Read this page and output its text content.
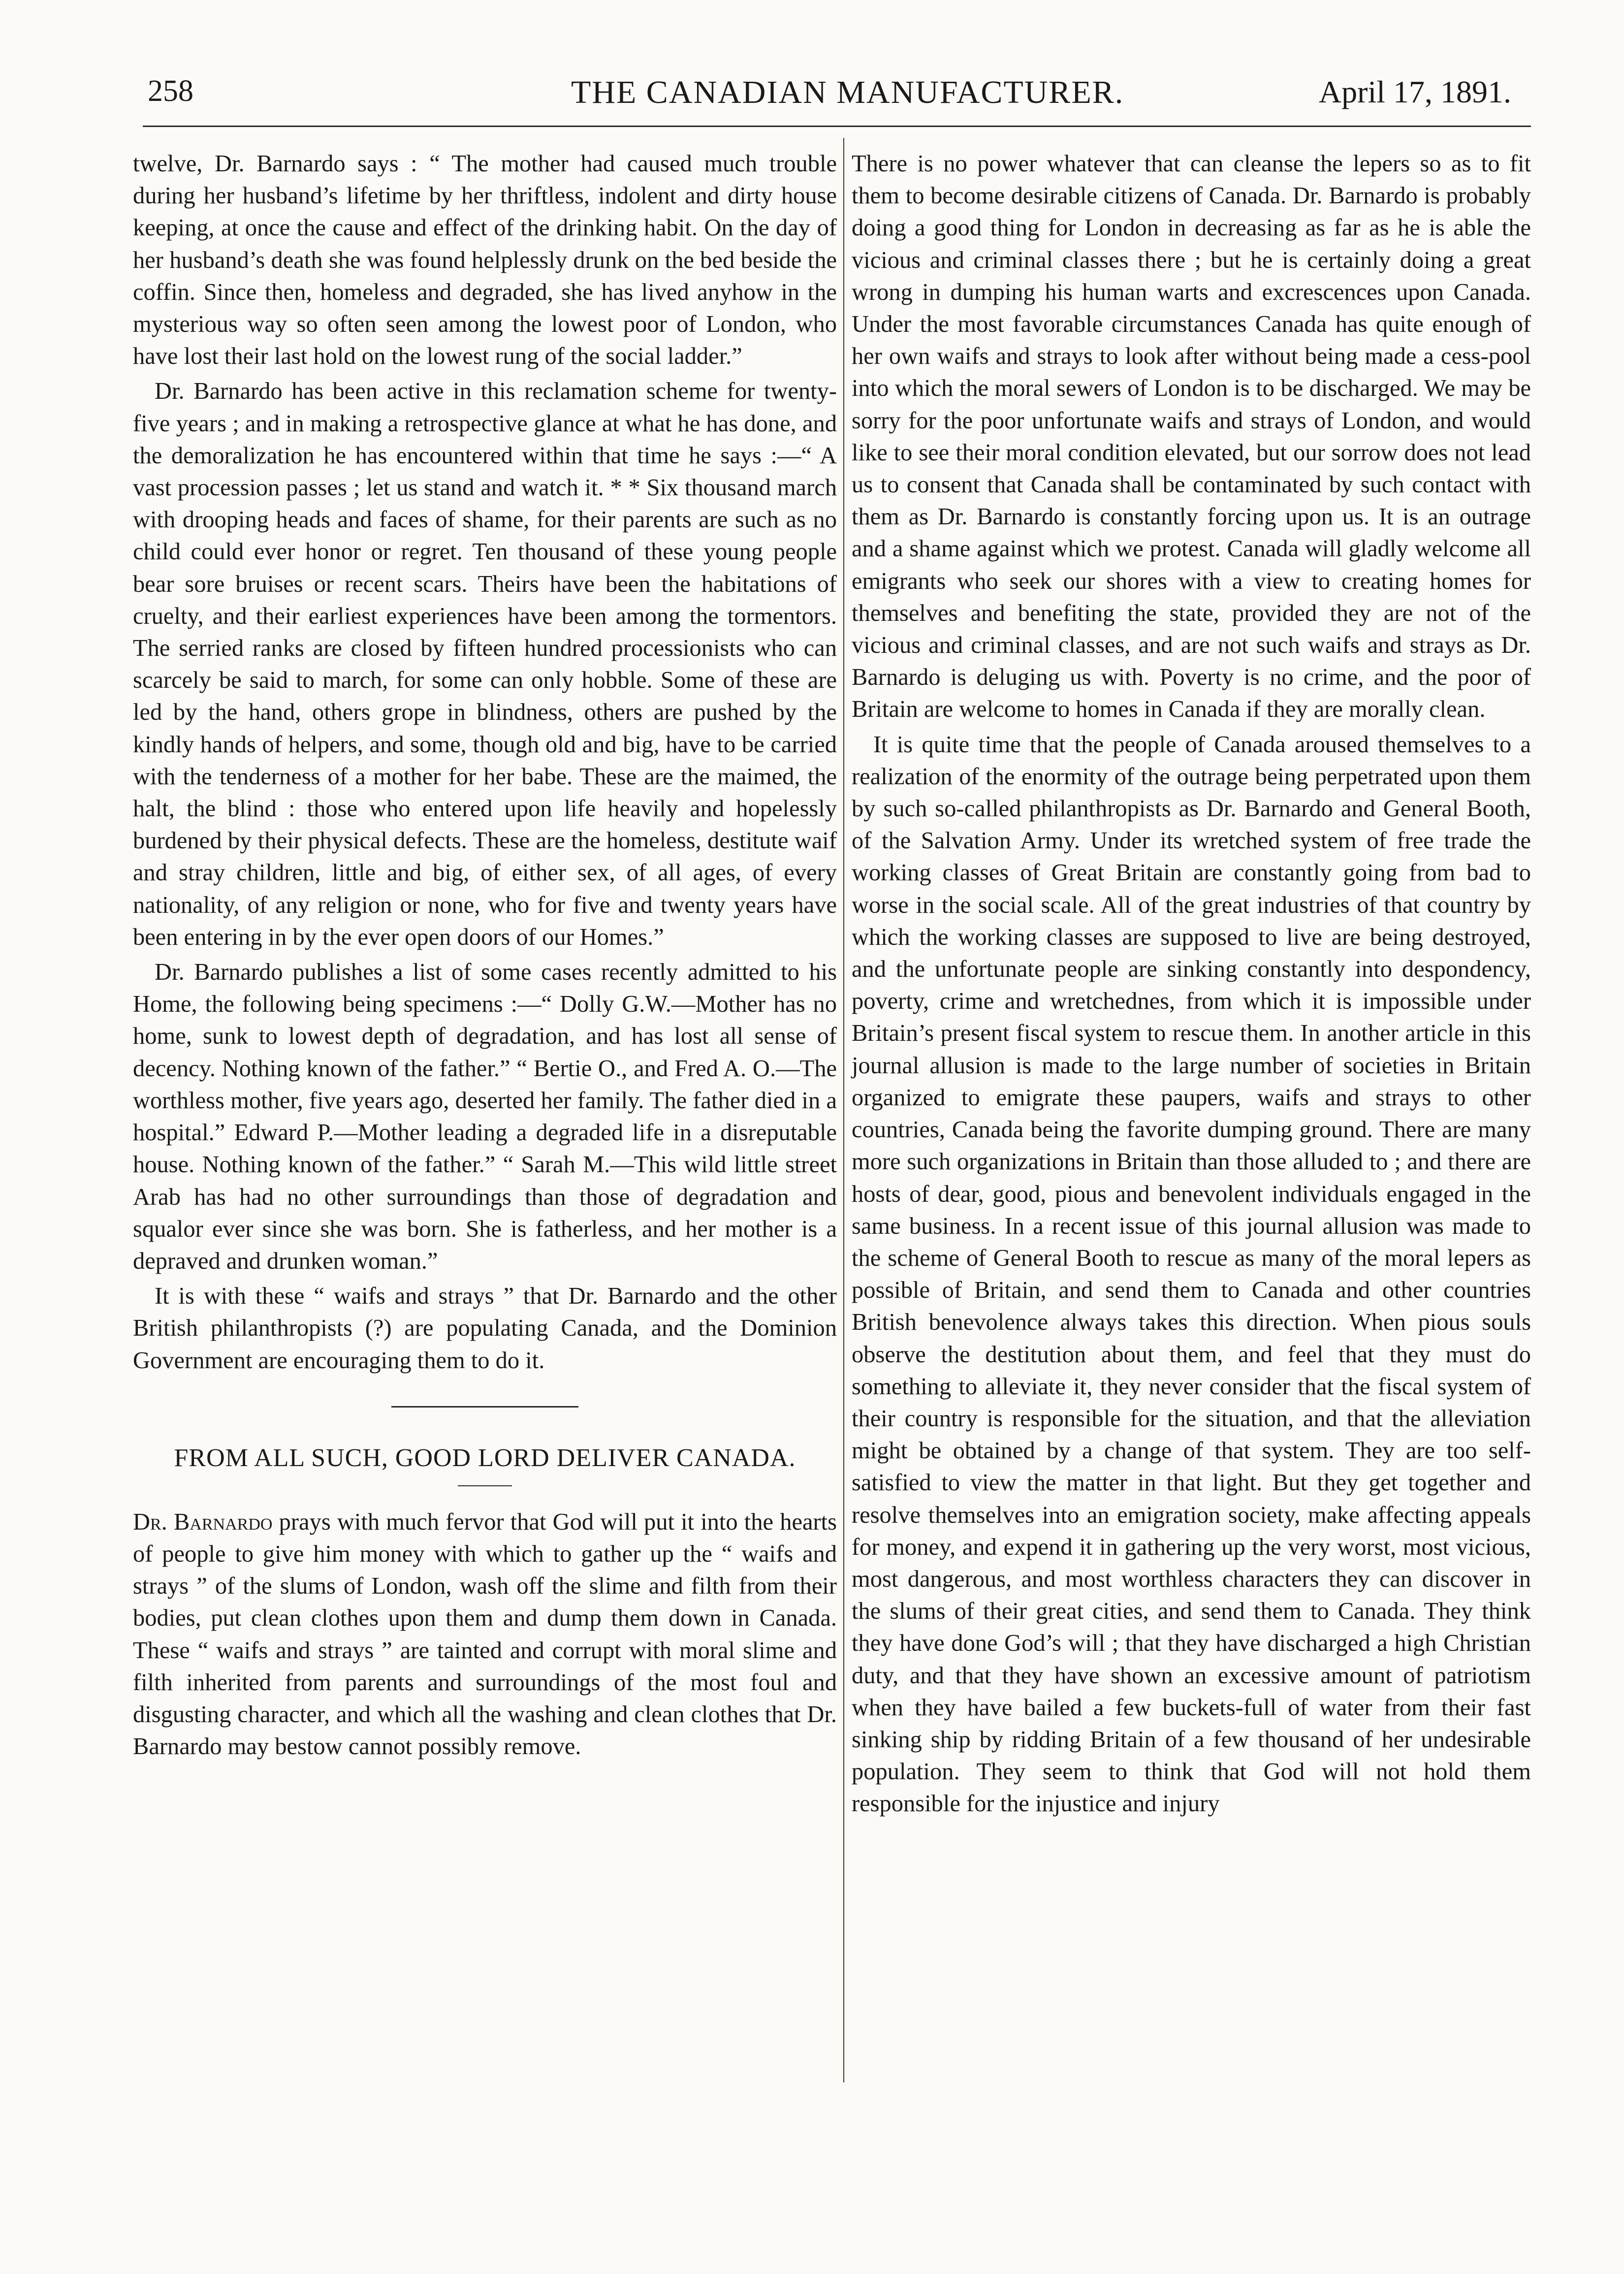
258	THE CANADIAN MANUFACTURER.	April 17, 1891.

twelve, Dr. Barnardo says : “ The mother had caused much trouble during her husband’s lifetime by her thriftless, indolent and dirty house keeping, at once the cause and effect of the drinking habit. On the day of her husband’s death she was found helplessly drunk on the bed beside the coffin. Since then, homeless and degraded, she has lived anyhow in the mysterious way so often seen among the lowest poor of London, who have lost their last hold on the lowest rung of the social ladder.”

Dr. Barnardo has been active in this reclamation scheme for twenty-five years ; and in making a retrospective glance at what he has done, and the demoralization he has encountered within that time he says :—“ A vast procession passes ; let us stand and watch it. * * Six thousand march with drooping heads and faces of shame, for their parents are such as no child could ever honor or regret. Ten thousand of these young people bear sore bruises or recent scars. Theirs have been the habitations of cruelty, and their earliest experiences have been among the tormentors. The serried ranks are closed by fifteen hundred processionists who can scarcely be said to march, for some can only hobble. Some of these are led by the hand, others grope in blindness, others are pushed by the kindly hands of helpers, and some, though old and big, have to be carried with the tenderness of a mother for her babe. These are the maimed, the halt, the blind : those who entered upon life heavily and hopelessly burdened by their physical defects. These are the homeless, destitute waif and stray children, little and big, of either sex, of all ages, of every nationality, of any religion or none, who for five and twenty years have been entering in by the ever open doors of our Homes.”

Dr. Barnardo publishes a list of some cases recently admitted to his Home, the following being specimens :—“ Dolly G.W.—Mother has no home, sunk to lowest depth of degradation, and has lost all sense of decency. Nothing known of the father.” “ Bertie O., and Fred A. O.—The worthless mother, five years ago, deserted her family. The father died in a hospital.” Edward P.—Mother leading a degraded life in a disreputable house. Nothing known of the father.” “ Sarah M.—This wild little street Arab has had no other surroundings than those of degradation and squalor ever since she was born. She is fatherless, and her mother is a depraved and drunken woman.”

It is with these “ waifs and strays ” that Dr. Barnardo and the other British philanthropists (?) are populating Canada, and the Dominion Government are encouraging them to do it.

FROM ALL SUCH, GOOD LORD DELIVER CANADA.

Dr. Barnardo prays with much fervor that God will put it into the hearts of people to give him money with which to gather up the “ waifs and strays ” of the slums of London, wash off the slime and filth from their bodies, put clean clothes upon them and dump them down in Canada. These “ waifs and strays ” are tainted and corrupt with moral slime and filth inherited from parents and surroundings of the most foul and disgusting character, and which all the washing and clean clothes that Dr. Barnardo may bestow cannot possibly remove.

There is no power whatever that can cleanse the lepers so as to fit them to become desirable citizens of Canada. Dr. Barnardo is probably doing a good thing for London in decreasing as far as he is able the vicious and criminal classes there ; but he is certainly doing a great wrong in dumping his human warts and excrescences upon Canada. Under the most favorable circumstances Canada has quite enough of her own waifs and strays to look after without being made a cess-pool into which the moral sewers of London is to be discharged. We may be sorry for the poor unfortunate waifs and strays of London, and would like to see their moral condition elevated, but our sorrow does not lead us to consent that Canada shall be contaminated by such contact with them as Dr. Barnardo is constantly forcing upon us. It is an outrage and a shame against which we protest. Canada will gladly welcome all emigrants who seek our shores with a view to creating homes for themselves and benefiting the state, provided they are not of the vicious and criminal classes, and are not such waifs and strays as Dr. Barnardo is deluging us with. Poverty is no crime, and the poor of Britain are welcome to homes in Canada if they are morally clean.

It is quite time that the people of Canada aroused themselves to a realization of the enormity of the outrage being perpetrated upon them by such so-called philanthropists as Dr. Barnardo and General Booth, of the Salvation Army. Under its wretched system of free trade the working classes of Great Britain are constantly going from bad to worse in the social scale. All of the great industries of that country by which the working classes are supposed to live are being destroyed, and the unfortunate people are sinking constantly into despondency, poverty, crime and wretchednes, from which it is impossible under Britain’s present fiscal system to rescue them. In another article in this journal allusion is made to the large number of societies in Britain organized to emigrate these paupers, waifs and strays to other countries, Canada being the favorite dumping ground. There are many more such organizations in Britain than those alluded to ; and there are hosts of dear, good, pious and benevolent individuals engaged in the same business. In a recent issue of this journal allusion was made to the scheme of General Booth to rescue as many of the moral lepers as possible of Britain, and send them to Canada and other countries British benevolence always takes this direction. When pious souls observe the destitution about them, and feel that they must do something to alleviate it, they never consider that the fiscal system of their country is responsible for the situation, and that the alleviation might be obtained by a change of that system. They are too self-satisfied to view the matter in that light. But they get together and resolve themselves into an emigration society, make affecting appeals for money, and expend it in gathering up the very worst, most vicious, most dangerous, and most worthless characters they can discover in the slums of their great cities, and send them to Canada. They think they have done God’s will ; that they have discharged a high Christian duty, and that they have shown an excessive amount of patriotism when they have bailed a few buckets-full of water from their fast sinking ship by ridding Britain of a few thousand of her undesirable population. They seem to think that God will not hold them responsible for the injustice and injury
